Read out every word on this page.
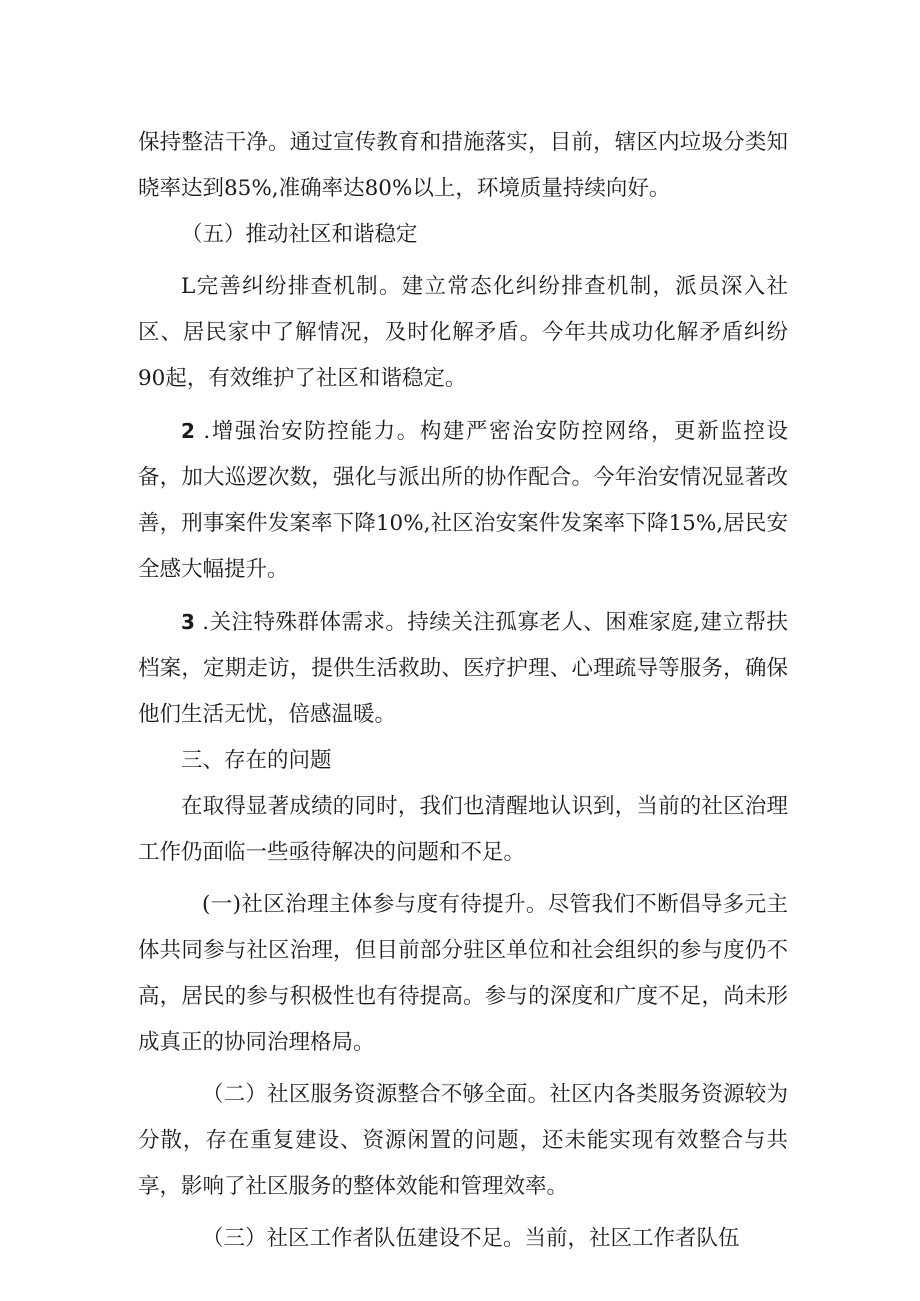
保持整洁干净。通过宣传教育和措施落实，目前，辖区内垃圾分类知晓率达到85%,准确率达80%以上，环境质量持续向好。

（五）推动社区和谐稳定

L完善纠纷排查机制。建立常态化纠纷排查机制，派员深入社区、居民家中了解情况，及时化解矛盾。今年共成功化解矛盾纠纷90起，有效维护了社区和谐稳定。

2 .增强治安防控能力。构建严密治安防控网络，更新监控设备，加大巡逻次数，强化与派出所的协作配合。今年治安情况显著改善，刑事案件发案率下降10%,社区治安案件发案率下降15%,居民安全感大幅提升。

3 .关注特殊群体需求。持续关注孤寡老人、困难家庭,建立帮扶档案，定期走访，提供生活救助、医疗护理、心理疏导等服务，确保他们生活无忧，倍感温暖。

三、存在的问题

在取得显著成绩的同时，我们也清醒地认识到，当前的社区治理工作仍面临一些亟待解决的问题和不足。

(一)社区治理主体参与度有待提升。尽管我们不断倡导多元主体共同参与社区治理，但目前部分驻区单位和社会组织的参与度仍不高，居民的参与积极性也有待提高。参与的深度和广度不足，尚未形成真正的协同治理格局。

（二）社区服务资源整合不够全面。社区内各类服务资源较为分散，存在重复建设、资源闲置的问题，还未能实现有效整合与共享，影响了社区服务的整体效能和管理效率。

（三）社区工作者队伍建设不足。当前，社区工作者队伍
